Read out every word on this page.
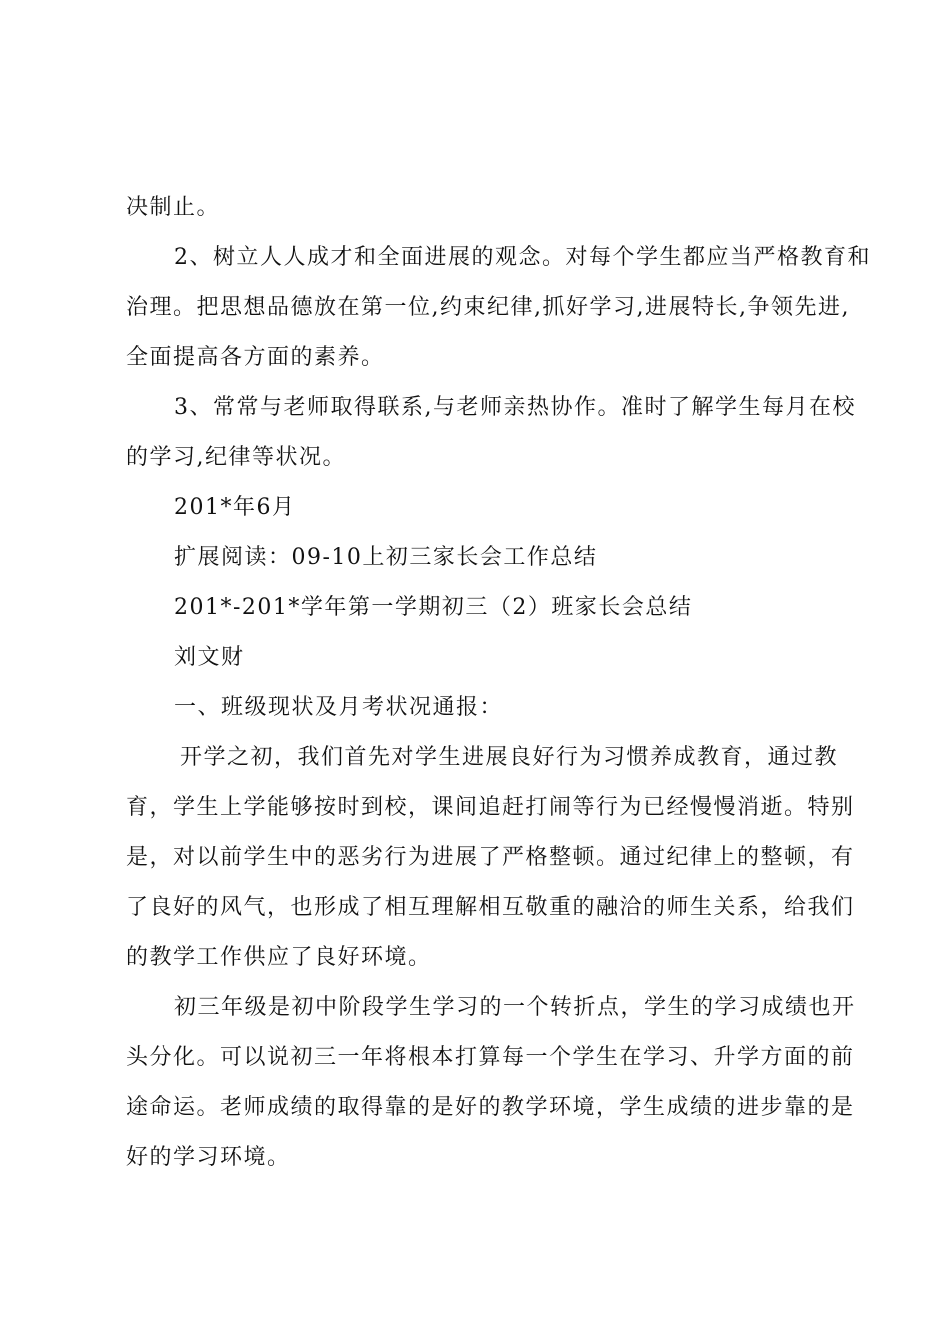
决制止。
2、树立人人成才和全面进展的观念。对每个学生都应当严格教育和
治理。把思想品德放在第一位,约束纪律,抓好学习,进展特长,争领先进,
全面提高各方面的素养。
3、常常与老师取得联系,与老师亲热协作。准时了解学生每月在校
的学习,纪律等状况。
201*年6月
扩展阅读：09-10上初三家长会工作总结
201*-201*学年第一学期初三（2）班家长会总结
刘文财
一、班级现状及月考状况通报：
开学之初，我们首先对学生进展良好行为习惯养成教育，通过教
育，学生上学能够按时到校，课间追赶打闹等行为已经慢慢消逝。特别
是，对以前学生中的恶劣行为进展了严格整顿。通过纪律上的整顿，有
了良好的风气，也形成了相互理解相互敬重的融洽的师生关系，给我们
的教学工作供应了良好环境。
初三年级是初中阶段学生学习的一个转折点，学生的学习成绩也开
头分化。可以说初三一年将根本打算每一个学生在学习、升学方面的前
途命运。老师成绩的取得靠的是好的教学环境，学生成绩的进步靠的是
好的学习环境。
